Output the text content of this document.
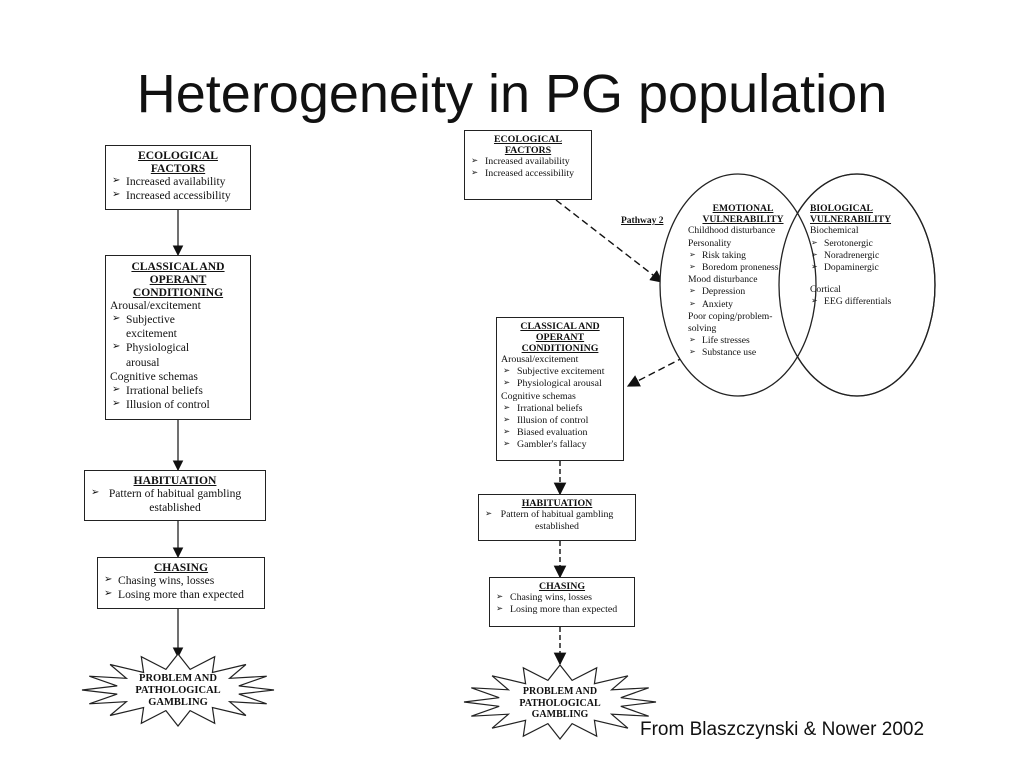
Heterogeneity in PG population
ECOLOGICAL FACTORS
➢ Increased availability
➢ Increased accessibility
CLASSICAL AND OPERANT CONDITIONING
Arousal/excitement
➢ Subjective excitement
➢ Physiological arousal
Cognitive schemas
➢ Irrational beliefs
➢ Illusion of control
HABITUATION
➢ Pattern of habitual gambling established
CHASING
➢ Chasing wins, losses
➢ Losing more than expected
PROBLEM AND PATHOLOGICAL GAMBLING
ECOLOGICAL FACTORS
➢ Increased availability
➢ Increased accessibility
Pathway 2
EMOTIONAL VULNERABILITY
Childhood disturbance
Personality
➢ Risk taking
➢ Boredom proneness
Mood disturbance
➢ Depression
➢ Anxiety
Poor coping/problem-solving
➢ Life stresses
➢ Substance use
BIOLOGICAL VULNERABILITY
Biochemical
➢ Serotonergic
➢ Noradrenergic
➢ Dopaminergic
Cortical
➢ EEG differentials
CLASSICAL AND OPERANT CONDITIONING
Arousal/excitement
➢ Subjective excitement
➢ Physiological arousal
Cognitive schemas
➢ Irrational beliefs
➢ Illusion of control
➢ Biased evaluation
➢ Gambler's fallacy
HABITUATION
➢ Pattern of habitual gambling established
CHASING
➢ Chasing wins, losses
➢ Losing more than expected
PROBLEM AND PATHOLOGICAL GAMBLING
From Blaszczynski & Nower 2002
